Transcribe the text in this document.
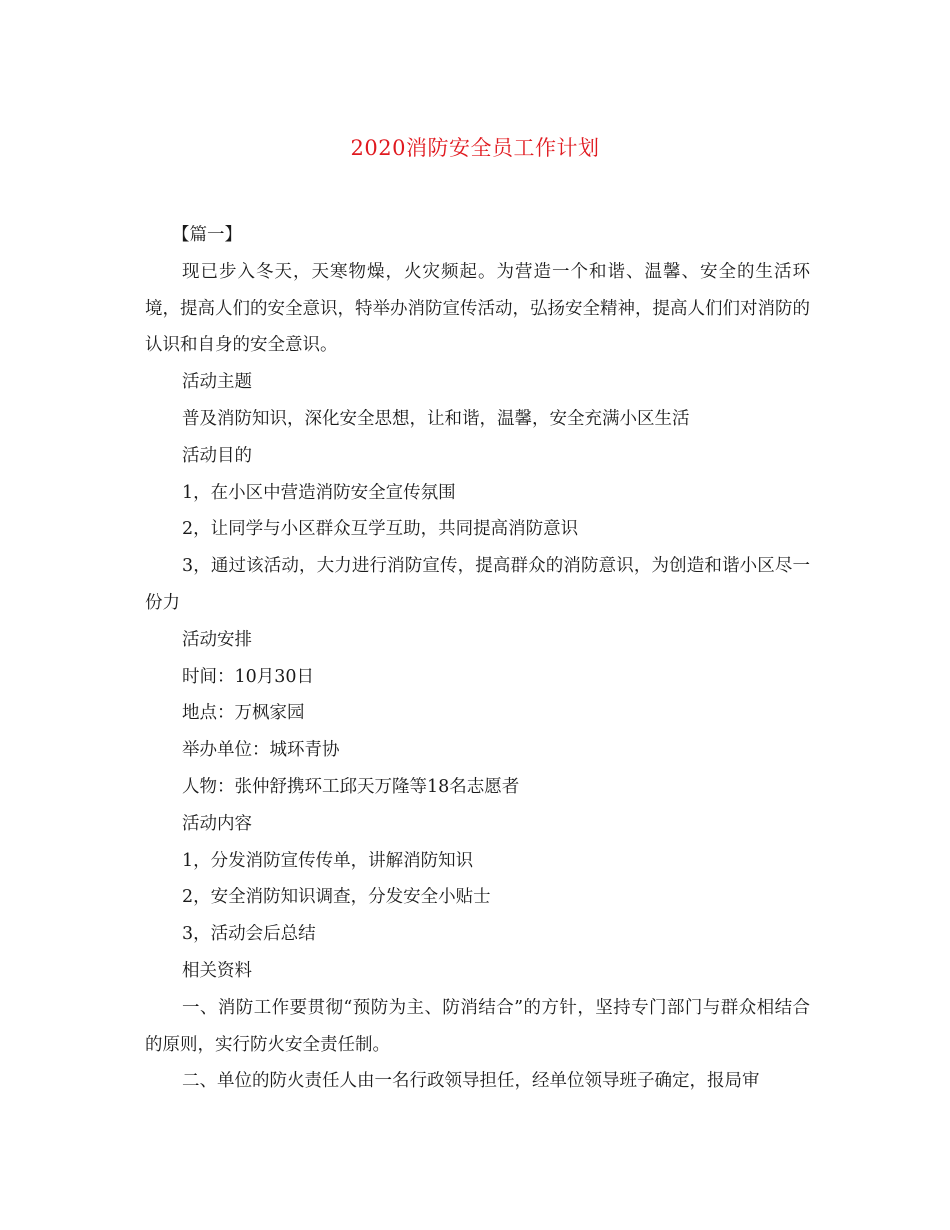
2020消防安全员工作计划

【篇一】

现已步入冬天，天寒物燥，火灾频起。为营造一个和谐、温馨、安全的生活环境，提高人们的安全意识，特举办消防宣传活动，弘扬安全精神，提高人们们对消防的认识和自身的安全意识。

活动主题

普及消防知识，深化安全思想，让和谐，温馨，安全充满小区生活

活动目的

1，在小区中营造消防安全宣传氛围

2，让同学与小区群众互学互助，共同提高消防意识

3，通过该活动，大力进行消防宣传，提高群众的消防意识，为创造和谐小区尽一份力

活动安排

时间：10月30日

地点：万枫家园

举办单位：城环青协

人物：张仲舒携环工邱天万隆等18名志愿者

活动内容

1，分发消防宣传传单，讲解消防知识

2，安全消防知识调查，分发安全小贴士

3，活动会后总结

相关资料

一、消防工作要贯彻“预防为主、防消结合”的方针，坚持专门部门与群众相结合的原则，实行防火安全责任制。

二、单位的防火责任人由一名行政领导担任，经单位领导班子确定，报局审
